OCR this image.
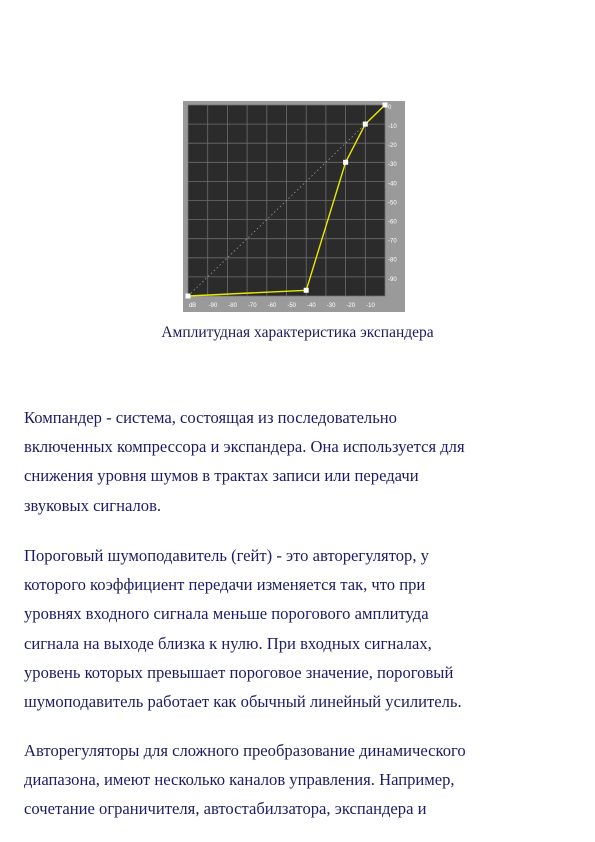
dB -90 -80 -70 -60 -50 -40 -30 -20 -10
0
-10
-20
-30
-40
-50
-60
-70
-80
-90
Амплитудная характеристика экспандера
Компандер - система, состоящая из последовательно
включенных компрессора и экспандера. Она используется для
снижения уровня шумов в трактах записи или передачи
звуковых сигналов.
Пороговый шумоподавитель (гейт) - это авторегулятор, у
которого коэффициент передачи изменяется так, что при
уровнях входного сигнала меньше порогового амплитуда
сигнала на выходе близка к нулю. При входных сигналах,
уровень которых превышает пороговое значение, пороговый
шумоподавитель работает как обычный линейный усилитель.
Авторегуляторы для сложного преобразование динамического
диапазона, имеют несколько каналов управления. Например,
сочетание ограничителя, автостабилзатора, экспандера и
